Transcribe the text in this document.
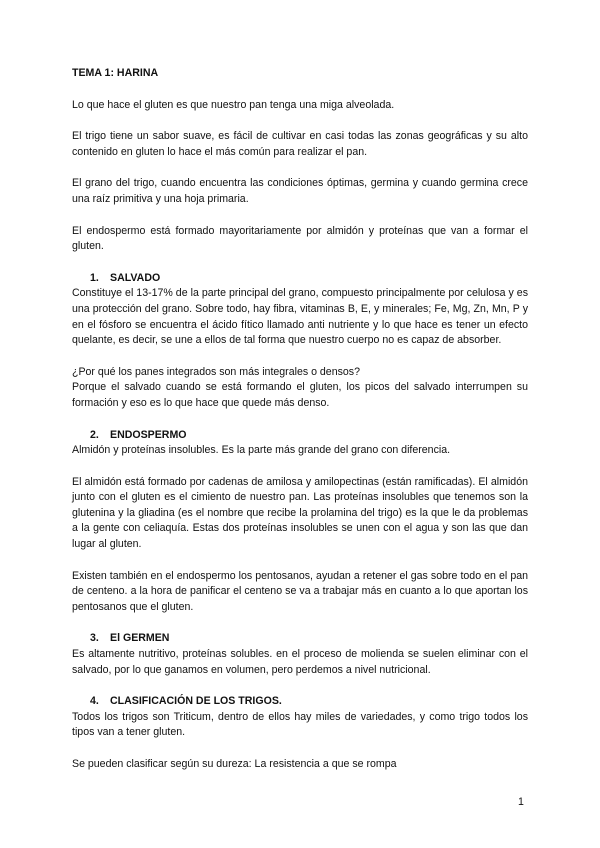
TEMA 1: HARINA

Lo que hace el gluten es que nuestro pan tenga una miga alveolada.

El trigo tiene un sabor suave, es fácil de cultivar en casi todas las zonas geográficas y su alto contenido en gluten lo hace el más común para realizar el pan.

El grano del trigo, cuando encuentra las condiciones óptimas, germina y cuando germina crece una raíz primitiva y una hoja primaria.

El endospermo está formado mayoritariamente por almidón y proteínas que van a formar el gluten.

1. SALVADO
Constituye el 13-17% de la parte principal del grano, compuesto principalmente por celulosa y es una protección del grano. Sobre todo, hay fibra, vitaminas B, E, y minerales; Fe, Mg, Zn, Mn, P y en el fósforo se encuentra el ácido fítico llamado anti nutriente y lo que hace es tener un efecto quelante, es decir, se une a ellos de tal forma que nuestro cuerpo no es capaz de absorber.
¿Por qué los panes integrados son más integrales o densos?
Porque el salvado cuando se está formando el gluten, los picos del salvado interrumpen su formación y eso es lo que hace que quede más denso.
2. ENDOSPERMO
Almidón y proteínas insolubles. Es la parte más grande del grano con diferencia.
El almidón está formado por cadenas de amilosa y amilopectinas (están ramificadas). El almidón junto con el gluten es el cimiento de nuestro pan. Las proteínas insolubles que tenemos son la glutenina y la gliadina (es el nombre que recibe la prolamina del trigo) es la que le da problemas a la gente con celiaquía. Estas dos proteínas insolubles se unen con el agua y son las que dan lugar al gluten.
Existen también en el endospermo los pentosanos, ayudan a retener el gas sobre todo en el pan de centeno. a la hora de panificar el centeno se va a trabajar más en cuanto a lo que aportan los pentosanos que el gluten.
3. El GERMEN
Es altamente nutritivo, proteínas solubles. en el proceso de molienda se suelen eliminar con el salvado, por lo que ganamos en volumen, pero perdemos a nivel nutricional.
4. CLASIFICACIÓN DE LOS TRIGOS.
Todos los trigos son Triticum, dentro de ellos hay miles de variedades, y como trigo todos los tipos van a tener gluten.
Se pueden clasificar según su dureza: La resistencia a que se rompa
1
